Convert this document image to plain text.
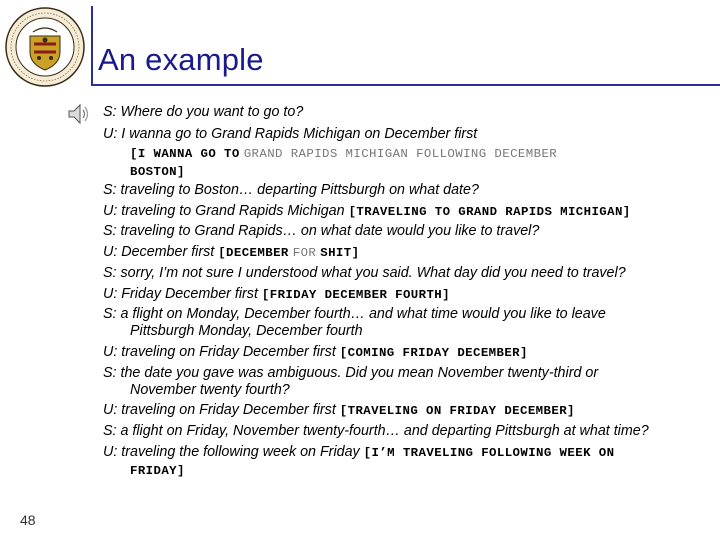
An example
S: Where do you want to go to?
U: I wanna go to Grand Rapids Michigan on December first
[I WANNA GO TO GRAND RAPIDS MICHIGAN FOLLOWING DECEMBER
BOSTON]
S: traveling to Boston… departing Pittsburgh on what date?
U: traveling to Grand Rapids Michigan [TRAVELING TO GRAND RAPIDS MICHIGAN]
S: traveling to Grand Rapids… on what date would you like to travel?
U: December first [DECEMBER FOR SHIT]
S: sorry, I’m not sure I understood what you said. What day did you need to travel?
U: Friday December first [FRIDAY DECEMBER FOURTH]
S: a flight on Monday, December fourth… and what time would you like to leave
Pittsburgh Monday, December fourth
U: traveling on Friday December first [COMING FRIDAY DECEMBER]
S: the date you gave was ambiguous. Did you mean November twenty-third or
November twenty fourth?
U: traveling on Friday December first [TRAVELING ON FRIDAY DECEMBER]
S: a flight on Friday, November twenty-fourth… and departing Pittsburgh at what time?
U: traveling the following week on Friday [I’M TRAVELING FOLLOWING WEEK ON
FRIDAY]
48
